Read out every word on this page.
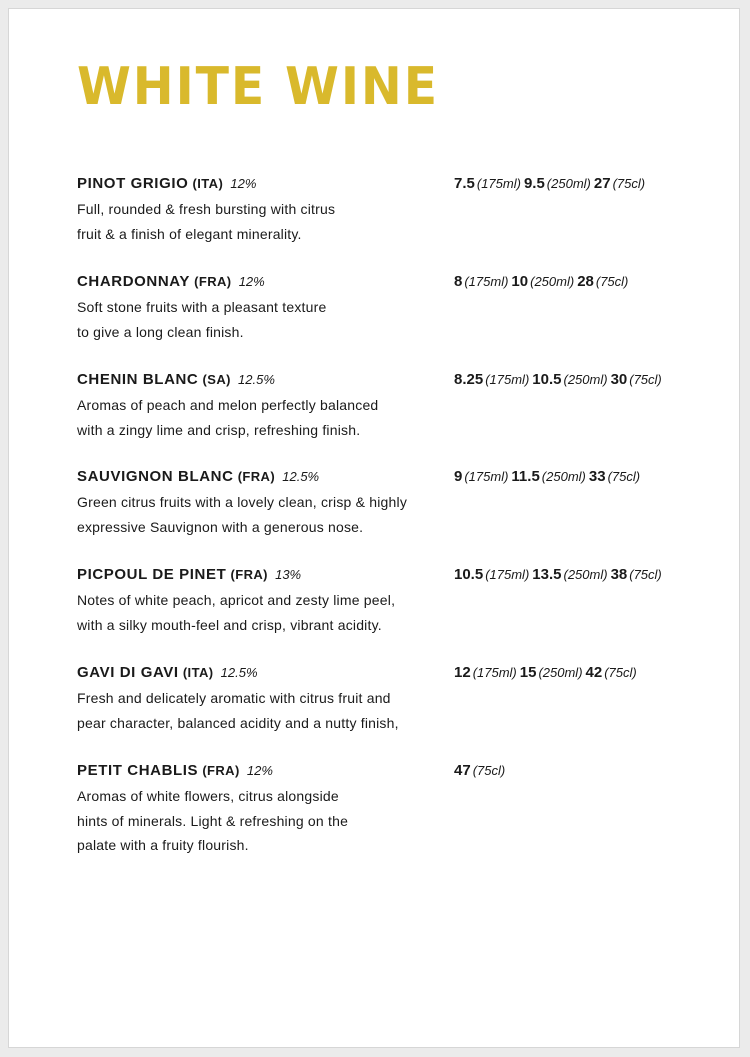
WHITE WINE
PINOT GRIGIO (ITA) 12%
Full, rounded & fresh bursting with citrus
fruit & a finish of elegant minerality.
7.5 (175ml) 9.5 (250ml) 27 (75cl)
CHARDONNAY (FRA) 12%
Soft stone fruits with a pleasant texture
to give a long clean finish.
8 (175ml) 10 (250ml) 28 (75cl)
CHENIN BLANC (SA) 12.5%
Aromas of peach and melon perfectly balanced
with a zingy lime and crisp, refreshing finish.
8.25 (175ml) 10.5 (250ml) 30 (75cl)
SAUVIGNON BLANC (FRA) 12.5%
Green citrus fruits with a lovely clean, crisp & highly
expressive Sauvignon with a generous nose.
9 (175ml) 11.5 (250ml) 33 (75cl)
PICPOUL DE PINET (FRA) 13%
Notes of white peach, apricot and zesty lime peel,
with a silky mouth-feel and crisp, vibrant acidity.
10.5 (175ml) 13.5 (250ml) 38 (75cl)
GAVI DI GAVI (ITA) 12.5%
Fresh and delicately aromatic with citrus fruit and
pear character, balanced acidity and a nutty finish,
12 (175ml) 15 (250ml) 42 (75cl)
PETIT CHABLIS (FRA) 12%
Aromas of white flowers, citrus alongside
hints of minerals. Light & refreshing on the
palate with a fruity flourish.
47 (75cl)
